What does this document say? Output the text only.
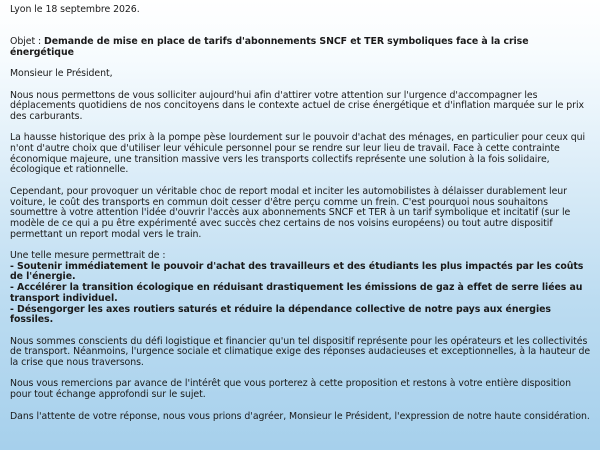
Lyon le 18 septembre 2026.

Objet : Demande de mise en place de tarifs d'abonnements SNCF et TER symboliques face à la crise énergétique

Monsieur le Président,

Nous nous permettons de vous solliciter aujourd'hui afin d'attirer votre attention sur l'urgence d'accompagner les déplacements quotidiens de nos concitoyens dans le contexte actuel de crise énergétique et d'inflation marquée sur le prix des carburants.

La hausse historique des prix à la pompe pèse lourdement sur le pouvoir d'achat des ménages, en particulier pour ceux qui n'ont d'autre choix que d'utiliser leur véhicule personnel pour se rendre sur leur lieu de travail. Face à cette contrainte économique majeure, une transition massive vers les transports collectifs représente une solution à la fois solidaire, écologique et rationnelle.

Cependant, pour provoquer un véritable choc de report modal et inciter les automobilistes à délaisser durablement leur voiture, le coût des transports en commun doit cesser d'être perçu comme un frein. C'est pourquoi nous souhaitons soumettre à votre attention l'idée d'ouvrir l'accès aux abonnements SNCF et TER à un tarif symbolique et incitatif (sur le modèle de ce qui a pu être expérimenté avec succès chez certains de nos voisins européens) ou tout autre dispositif permettant un report modal vers le train.

Une telle mesure permettrait de :

- Soutenir immédiatement le pouvoir d'achat des travailleurs et des étudiants les plus impactés par les coûts de l'énergie.

- Accélérer la transition écologique en réduisant drastiquement les émissions de gaz à effet de serre liées au transport individuel.

- Désengorger les axes routiers saturés et réduire la dépendance collective de notre pays aux énergies fossiles.

Nous sommes conscients du défi logistique et financier qu'un tel dispositif représente pour les opérateurs et les collectivités de transport. Néanmoins, l'urgence sociale et climatique exige des réponses audacieuses et exceptionnelles, à la hauteur de la crise que nous traversons.

Nous vous remercions par avance de l'intérêt que vous porterez à cette proposition et restons à votre entière disposition pour tout échange approfondi sur le sujet.

Dans l'attente de votre réponse, nous vous prions d'agréer, Monsieur le Président, l'expression de notre haute considération.
